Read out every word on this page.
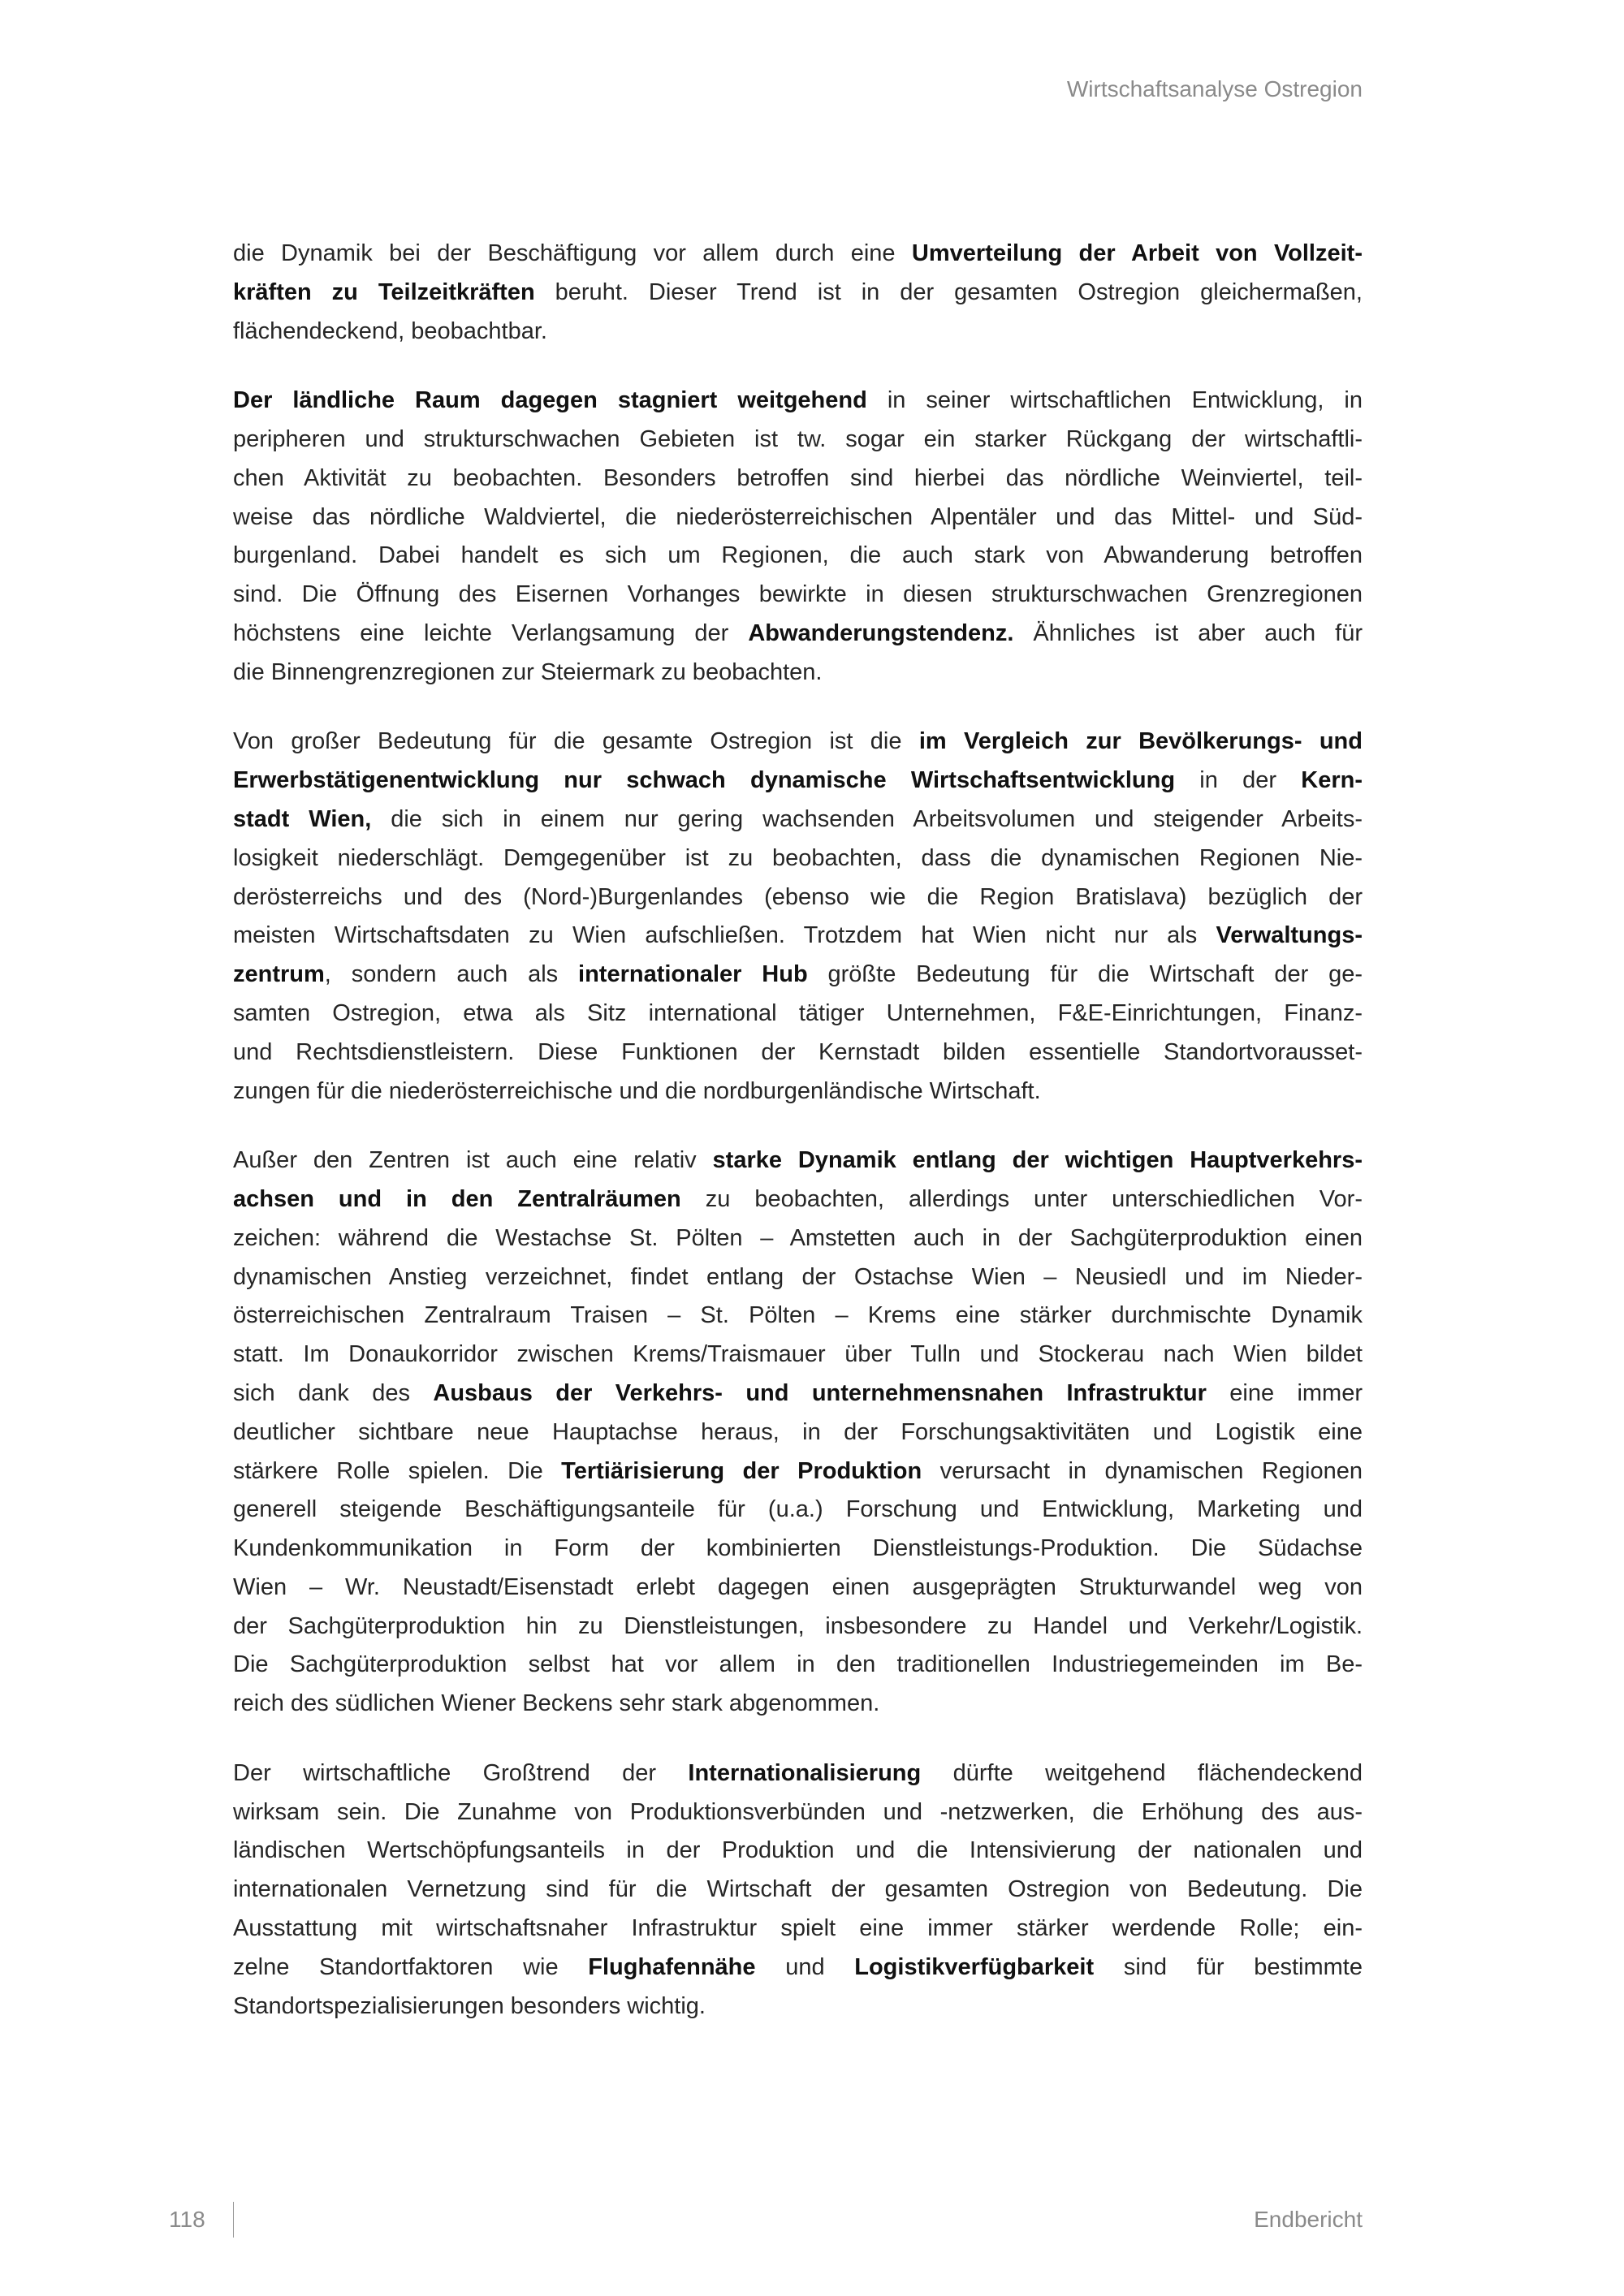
Wirtschaftsanalyse Ostregion
die Dynamik bei der Beschäftigung vor allem durch eine Umverteilung der Arbeit von Vollzeit-
kräften zu Teilzeitkräften beruht. Dieser Trend ist in der gesamten Ostregion gleichermaßen,
flächendeckend, beobachtbar.
Der ländliche Raum dagegen stagniert weitgehend in seiner wirtschaftlichen Entwicklung, in
peripheren und strukturschwachen Gebieten ist tw. sogar ein starker Rückgang der wirtschaftli-
chen Aktivität zu beobachten. Besonders betroffen sind hierbei das nördliche Weinviertel, teil-
weise das nördliche Waldviertel, die niederösterreichischen Alpentäler und das Mittel- und Süd-
burgenland. Dabei handelt es sich um Regionen, die auch stark von Abwanderung betroffen
sind. Die Öffnung des Eisernen Vorhanges bewirkte in diesen strukturschwachen Grenzregionen
höchstens eine leichte Verlangsamung der Abwanderungstendenz. Ähnliches ist aber auch für
die Binnengrenzregionen zur Steiermark zu beobachten.
Von großer Bedeutung für die gesamte Ostregion ist die im Vergleich zur Bevölkerungs- und
Erwerbstätigenentwicklung nur schwach dynamische Wirtschaftsentwicklung in der Kern-
stadt Wien, die sich in einem nur gering wachsenden Arbeitsvolumen und steigender Arbeits-
losigkeit niederschlägt. Demgegenüber ist zu beobachten, dass die dynamischen Regionen Nie-
derösterreichs und des (Nord-)Burgenlandes (ebenso wie die Region Bratislava) bezüglich der
meisten Wirtschaftsdaten zu Wien aufschließen. Trotzdem hat Wien nicht nur als Verwaltungs-
zentrum, sondern auch als internationaler Hub größte Bedeutung für die Wirtschaft der ge-
samten Ostregion, etwa als Sitz international tätiger Unternehmen, F&E-Einrichtungen, Finanz-
und Rechtsdienstleistern. Diese Funktionen der Kernstadt bilden essentielle Standortvorausset-
zungen für die niederösterreichische und die nordburgenländische Wirtschaft.
Außer den Zentren ist auch eine relativ starke Dynamik entlang der wichtigen Hauptverkehrs-
achsen und in den Zentralräumen zu beobachten, allerdings unter unterschiedlichen Vor-
zeichen: während die Westachse St. Pölten – Amstetten auch in der Sachgüterproduktion einen
dynamischen Anstieg verzeichnet, findet entlang der Ostachse Wien – Neusiedl und im Nieder-
österreichischen Zentralraum Traisen – St. Pölten – Krems eine stärker durchmischte Dynamik
statt. Im Donaukorridor zwischen Krems/Traismauer über Tulln und Stockerau nach Wien bildet
sich dank des Ausbaus der Verkehrs- und unternehmensnahen Infrastruktur eine immer
deutlicher sichtbare neue Hauptachse heraus, in der Forschungsaktivitäten und Logistik eine
stärkere Rolle spielen. Die Tertiärisierung der Produktion verursacht in dynamischen Regionen
generell steigende Beschäftigungsanteile für (u.a.) Forschung und Entwicklung, Marketing und
Kundenkommunikation in Form der kombinierten Dienstleistungs-Produktion. Die Südachse
Wien – Wr. Neustadt/Eisenstadt erlebt dagegen einen ausgeprägten Strukturwandel weg von
der Sachgüterproduktion hin zu Dienstleistungen, insbesondere zu Handel und Verkehr/Logistik.
Die Sachgüterproduktion selbst hat vor allem in den traditionellen Industriegemeinden im Be-
reich des südlichen Wiener Beckens sehr stark abgenommen.
Der wirtschaftliche Großtrend der Internationalisierung dürfte weitgehend flächendeckend
wirksam sein. Die Zunahme von Produktionsverbünden und -netzwerken, die Erhöhung des aus-
ländischen Wertschöpfungsanteils in der Produktion und die Intensivierung der nationalen und
internationalen Vernetzung sind für die Wirtschaft der gesamten Ostregion von Bedeutung. Die
Ausstattung mit wirtschaftsnaher Infrastruktur spielt eine immer stärker werdende Rolle; ein-
zelne Standortfaktoren wie Flughafennähe und Logistikverfügbarkeit sind für bestimmte
Standortspezialisierungen besonders wichtig.
118	Endbericht
